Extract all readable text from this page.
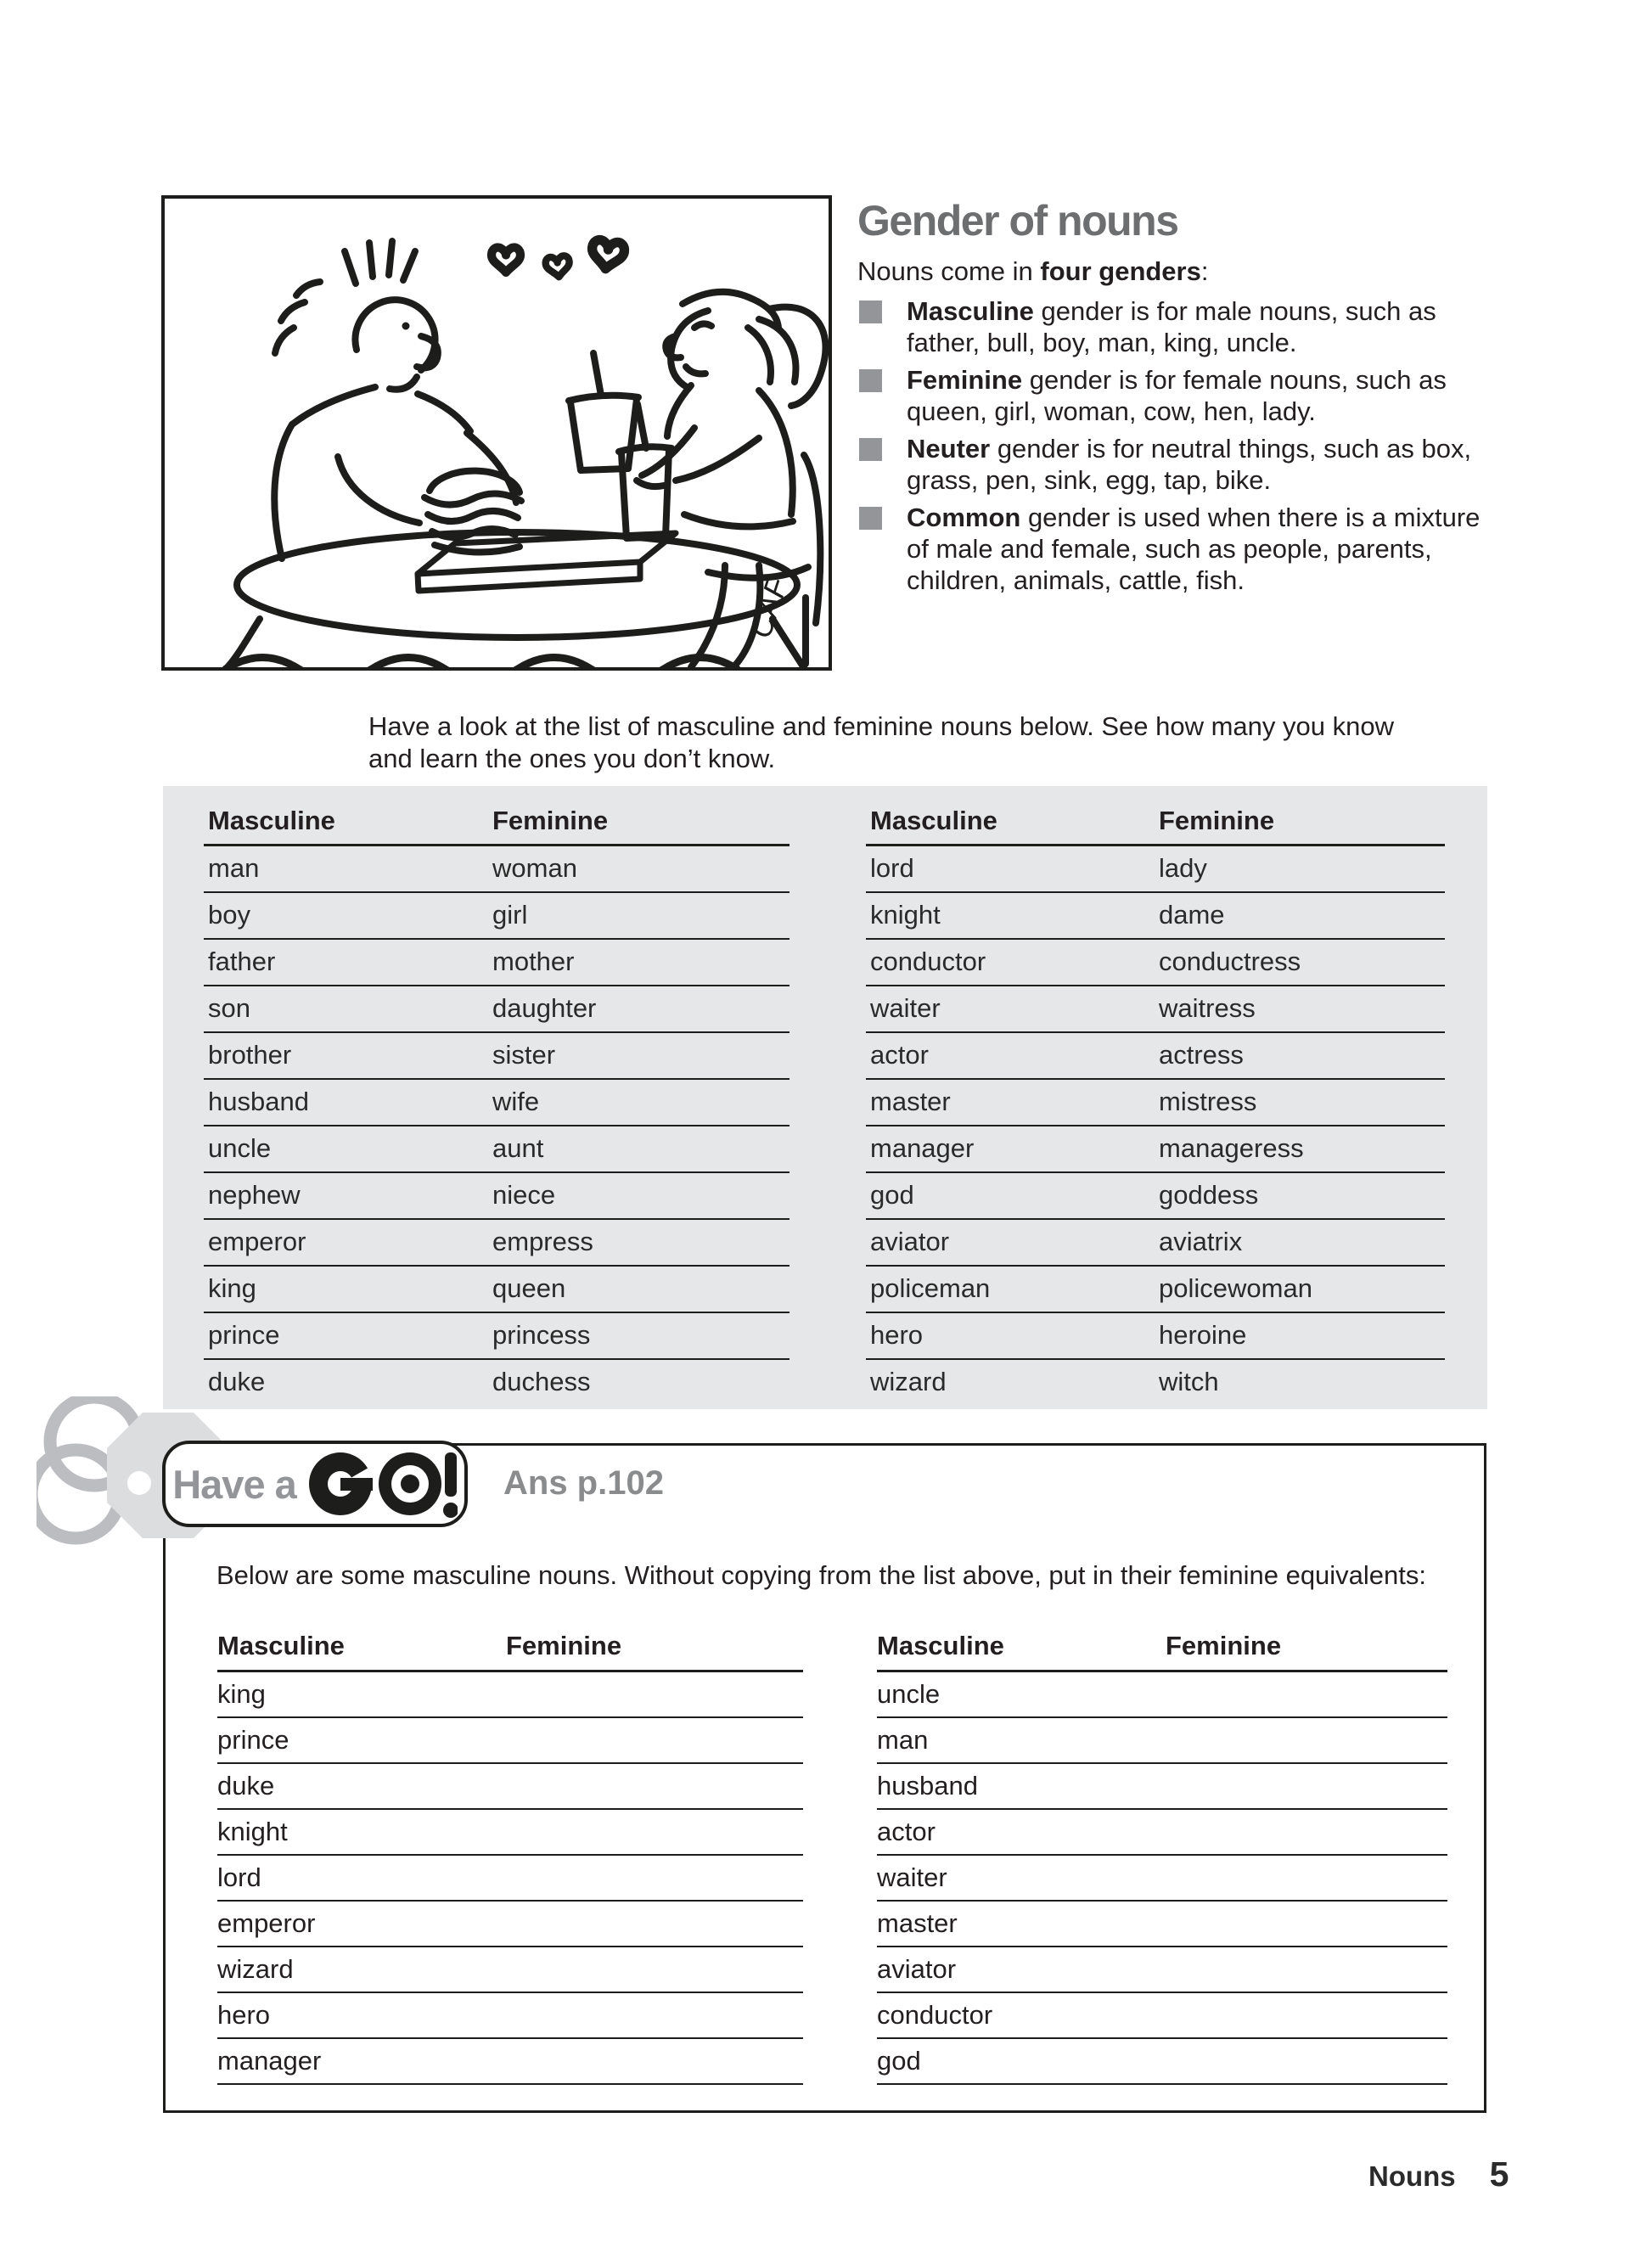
CAF
Gender of nouns

Nouns come in four genders:

Masculine gender is for male nouns, such as father, bull, boy, man, king, uncle.
Feminine gender is for female nouns, such as queen, girl, woman, cow, hen, lady.
Neuter gender is for neutral things, such as box, grass, pen, sink, egg, tap, bike.
Common gender is used when there is a mixture of male and female, such as people, parents, children, animals, cattle, fish.

Have a look at the list of masculine and feminine nouns below. See how many you know and learn the ones you don’t know.

Masculine	Feminine
man	woman
boy	girl
father	mother
son	daughter
brother	sister
husband	wife
uncle	aunt
nephew	niece
emperor	empress
king	queen
prince	princess
duke	duchess
Masculine	Feminine
lord	lady
knight	dame
conductor	conductress
waiter	waitress
actor	actress
master	mistress
manager	manageress
god	goddess
aviator	aviatrix
policeman	policewoman
hero	heroine
wizard	witch
Have a	Ans p.102

Below are some masculine nouns. Without copying from the list above, put in their feminine equivalents:

Masculine	Feminine
king
prince
duke
knight
lord
emperor
wizard
hero
manager
Masculine	Feminine
uncle
man
husband
actor
waiter
master
aviator
conductor
god
Nouns 5
